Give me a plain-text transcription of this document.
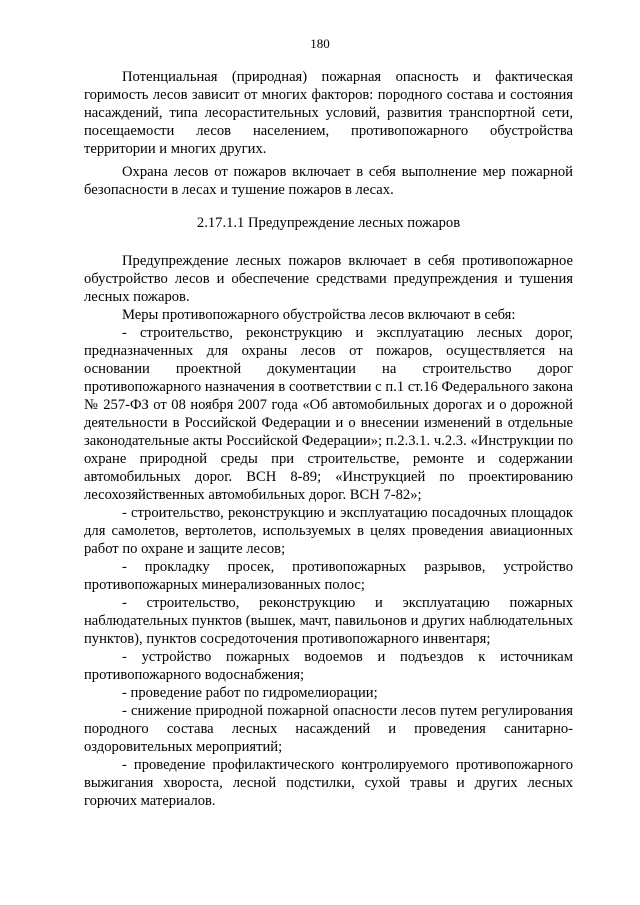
180

Потенциальная (природная) пожарная опасность и фактическая горимость лесов зависит от многих факторов: породного состава и состояния насаждений, типа лесорастительных условий, развития транспортной сети, посещаемости лесов населением, противопожарного обустройства территории и многих других.

Охрана лесов от пожаров включает в себя выполнение мер пожарной безопасности в лесах и тушение пожаров в лесах.

2.17.1.1 Предупреждение лесных пожаров

Предупреждение лесных пожаров включает в себя противопожарное обустройство лесов и обеспечение средствами предупреждения и тушения лесных пожаров.

Меры противопожарного обустройства лесов включают в себя:

- строительство, реконструкцию и эксплуатацию лесных дорог, предназначенных для охраны лесов от пожаров, осуществляется на основании проектной документации на строительство дорог противопожарного назначения в соответствии с п.1 ст.16 Федерального закона № 257-ФЗ от 08 ноября 2007 года «Об автомобильных дорогах и о дорожной деятельности в Российской Федерации и о внесении изменений в отдельные законодательные акты Российской Федерации»; п.2.3.1. ч.2.3. «Инструкции по охране природной среды при строительстве, ремонте и содержании автомобильных дорог. ВСН 8-89; «Инструкцией по проектированию лесохозяйственных автомобильных дорог. ВСН 7-82»;

- строительство, реконструкцию и эксплуатацию посадочных площадок для самолетов, вертолетов, используемых в целях проведения авиационных работ по охране и защите лесов;

- прокладку просек, противопожарных разрывов, устройство противопожарных минерализованных полос;

- строительство, реконструкцию и эксплуатацию пожарных наблюдательных пунктов (вышек, мачт, павильонов и других наблюдательных пунктов), пунктов сосредоточения противопожарного инвентаря;

- устройство пожарных водоемов и подъездов к источникам противопожарного водоснабжения;

- проведение работ по гидромелиорации;

- снижение природной пожарной опасности лесов путем регулирования породного состава лесных насаждений и проведения санитарно-оздоровительных мероприятий;

- проведение профилактического контролируемого противопожарного выжигания хвороста, лесной подстилки, сухой травы и других лесных горючих материалов.
